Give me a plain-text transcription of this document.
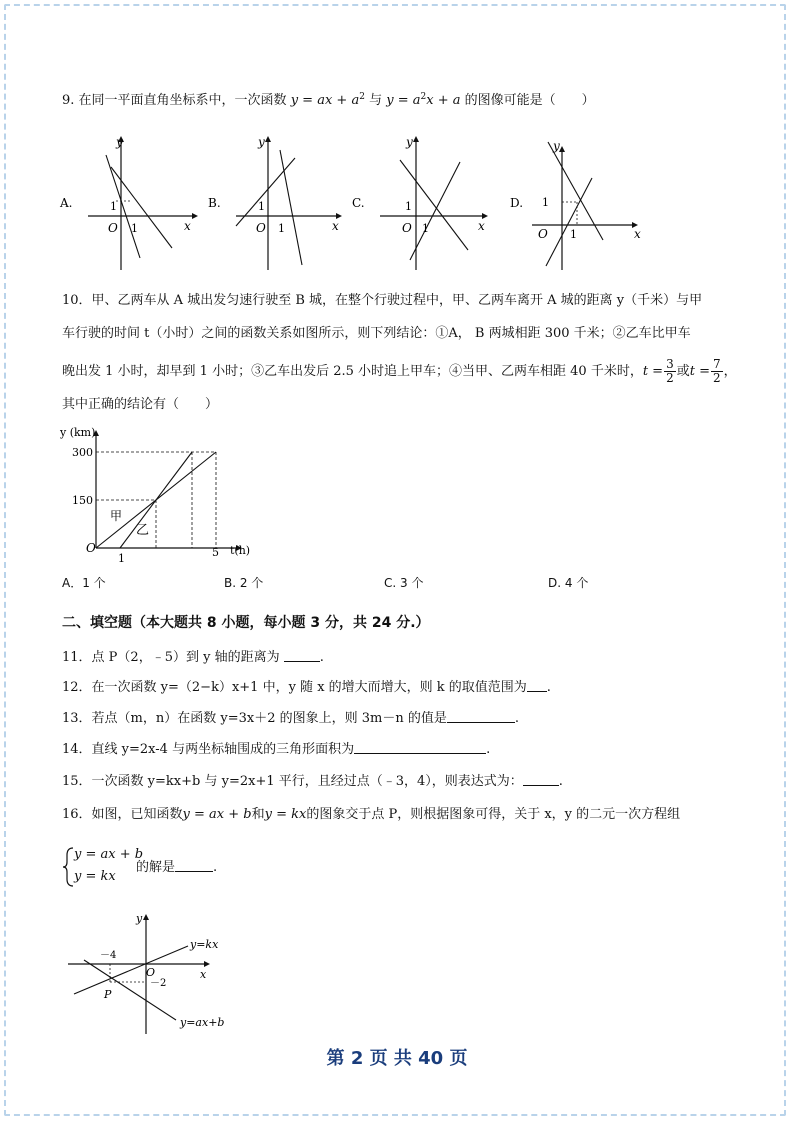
9. 在同一平面直角坐标系中，一次函数 y = ax + $a^2$ 与 $y = a^2x + a$ 的图像可能是（　　）
A.
y
x
O 1
1	B.
y
x
O 1
1	C.
y
x
O 1
1	D.
y
x
O 1
1
10．甲、乙两车从 A 城出发匀速行驶至 B 城，在整个行驶过程中，甲、乙两车离开 A 城的距离 y（千米）与甲
车行驶的时间 t（小时）之间的函数关系如图所示，则下列结论：①A， B 两城相距 300 千米；②乙车比甲车
晚出发 1 小时，却早到 1 小时；③乙车出发后 2.5 小时追上甲车；④当甲、乙两车相距 40 千米时，$t = \frac{3}{2}$ 或$t = \frac{7}{2}$ ，
其中正确的结论有（　　）
y (km)
t(h)
300
150
O
1	5
甲
乙
A．1 个	B. 2 个	C. 3 个	D. 4 个
二、填空题（本大题共 8 小题，每小题 3 分，共 24 分.）
11．点 P（2，﹣5）到 y 轴的距离为	.
12．在一次函数 y=（2−k）x+1 中，y 随 x 的增大而增大，则 k 的取值范围为 .
13．若点（m，n）在函数 y=3x＋2 的图象上，则 3m－n 的值是	.
14．直线 y=2x-4 与两坐标轴围成的三角形面积为	.
15．一次函数 y=kx+b 与 y=2x+1 平行，且经过点（﹣3，4），则表达式为：	.
16．如图，已知函数y = ax + b和y = kx的图象交于点 P，则根据图象可得，关于 x，y 的二元一次方程组
y = ax + b
y = kx
的解是	.
y
x
O
－4
－2
P
y=kx
y=ax+b
第 2 页 共 40 页
